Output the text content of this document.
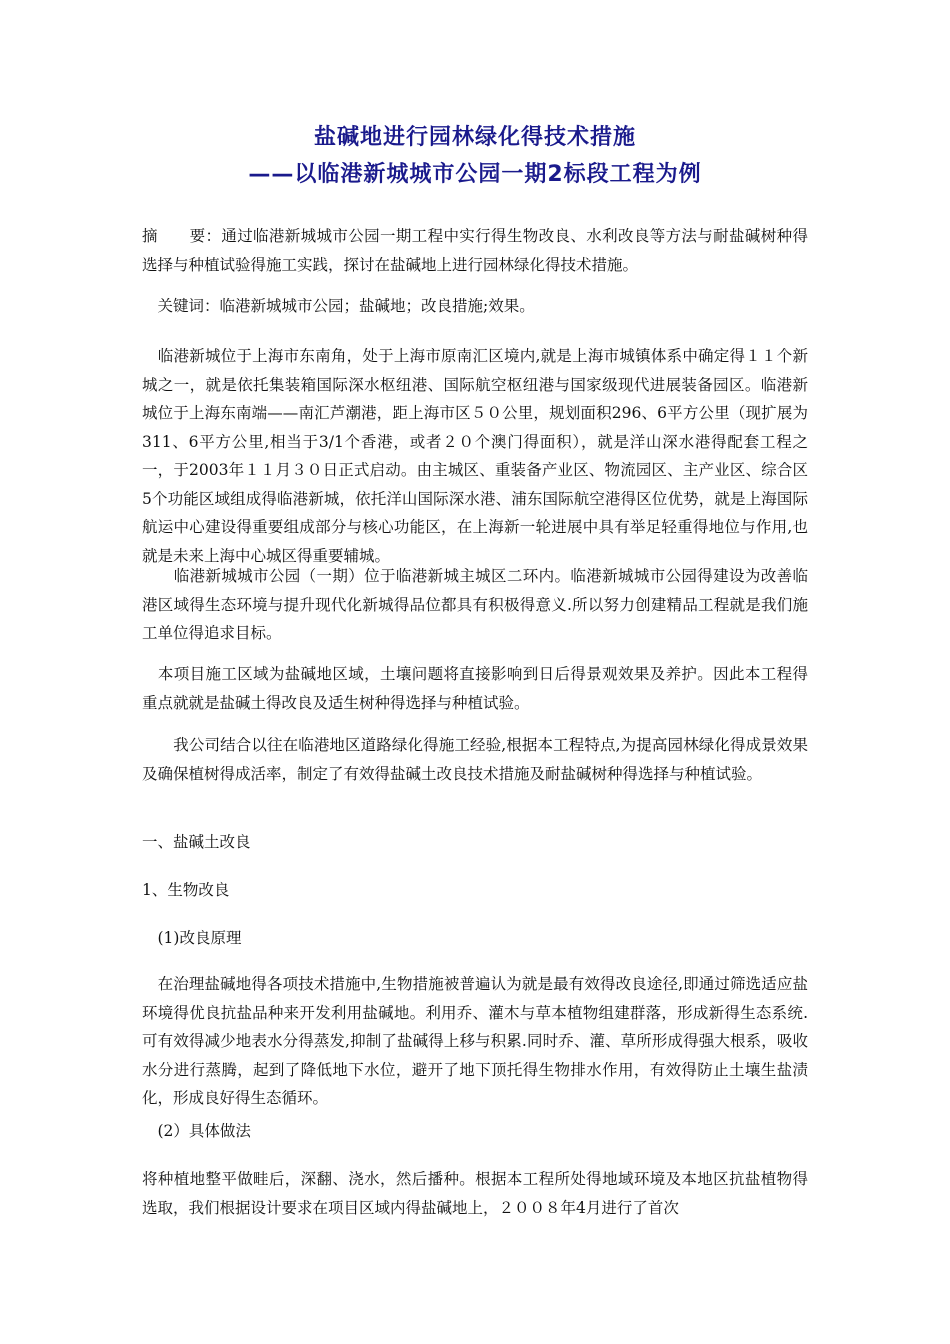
盐碱地进行园林绿化得技术措施
——以临港新城城市公园一期2标段工程为例
摘　　要：通过临港新城城市公园一期工程中实行得生物改良、水利改良等方法与耐盐碱树种得选择与种植试验得施工实践，探讨在盐碱地上进行园林绿化得技术措施。
　关键词：临港新城城市公园；盐碱地；改良措施;效果。
　临港新城位于上海市东南角，处于上海市原南汇区境内,就是上海市城镇体系中确定得１１个新城之一，就是依托集装箱国际深水枢纽港、国际航空枢纽港与国家级现代进展装备园区。临港新城位于上海东南端——南汇芦潮港，距上海市区５０公里，规划面积296、6平方公里（现扩展为311、6平方公里,相当于3/1个香港，或者２０个澳门得面积），就是洋山深水港得配套工程之一，于2003年１１月３０日正式启动。由主城区、重装备产业区、物流园区、主产业区、综合区5个功能区域组成得临港新城，依托洋山国际深水港、浦东国际航空港得区位优势，就是上海国际航运中心建设得重要组成部分与核心功能区，在上海新一轮进展中具有举足轻重得地位与作用,也就是未来上海中心城区得重要辅城。
　　临港新城城市公园（一期）位于临港新城主城区二环内。临港新城城市公园得建设为改善临港区域得生态环境与提升现代化新城得品位都具有积极得意义.所以努力创建精品工程就是我们施工单位得追求目标。
　本项目施工区域为盐碱地区域，土壤问题将直接影响到日后得景观效果及养护。因此本工程得重点就就是盐碱土得改良及适生树种得选择与种植试验。
　　我公司结合以往在临港地区道路绿化得施工经验,根据本工程特点,为提高园林绿化得成景效果及确保植树得成活率，制定了有效得盐碱土改良技术措施及耐盐碱树种得选择与种植试验。
一、盐碱土改良
1、生物改良
　(1)改良原理
　在治理盐碱地得各项技术措施中,生物措施被普遍认为就是最有效得改良途径,即通过筛选适应盐环境得优良抗盐品种来开发利用盐碱地。利用乔、灌木与草本植物组建群落，形成新得生态系统.可有效得减少地表水分得蒸发,抑制了盐碱得上移与积累.同时乔、灌、草所形成得强大根系，吸收水分进行蒸腾，起到了降低地下水位，避开了地下顶托得生物排水作用，有效得防止土壤生盐渍化，形成良好得生态循环。
　(2）具体做法
将种植地整平做畦后，深翻、浇水，然后播种。根据本工程所处得地域环境及本地区抗盐植物得选取，我们根据设计要求在项目区域内得盐碱地上，２００８年4月进行了首次
